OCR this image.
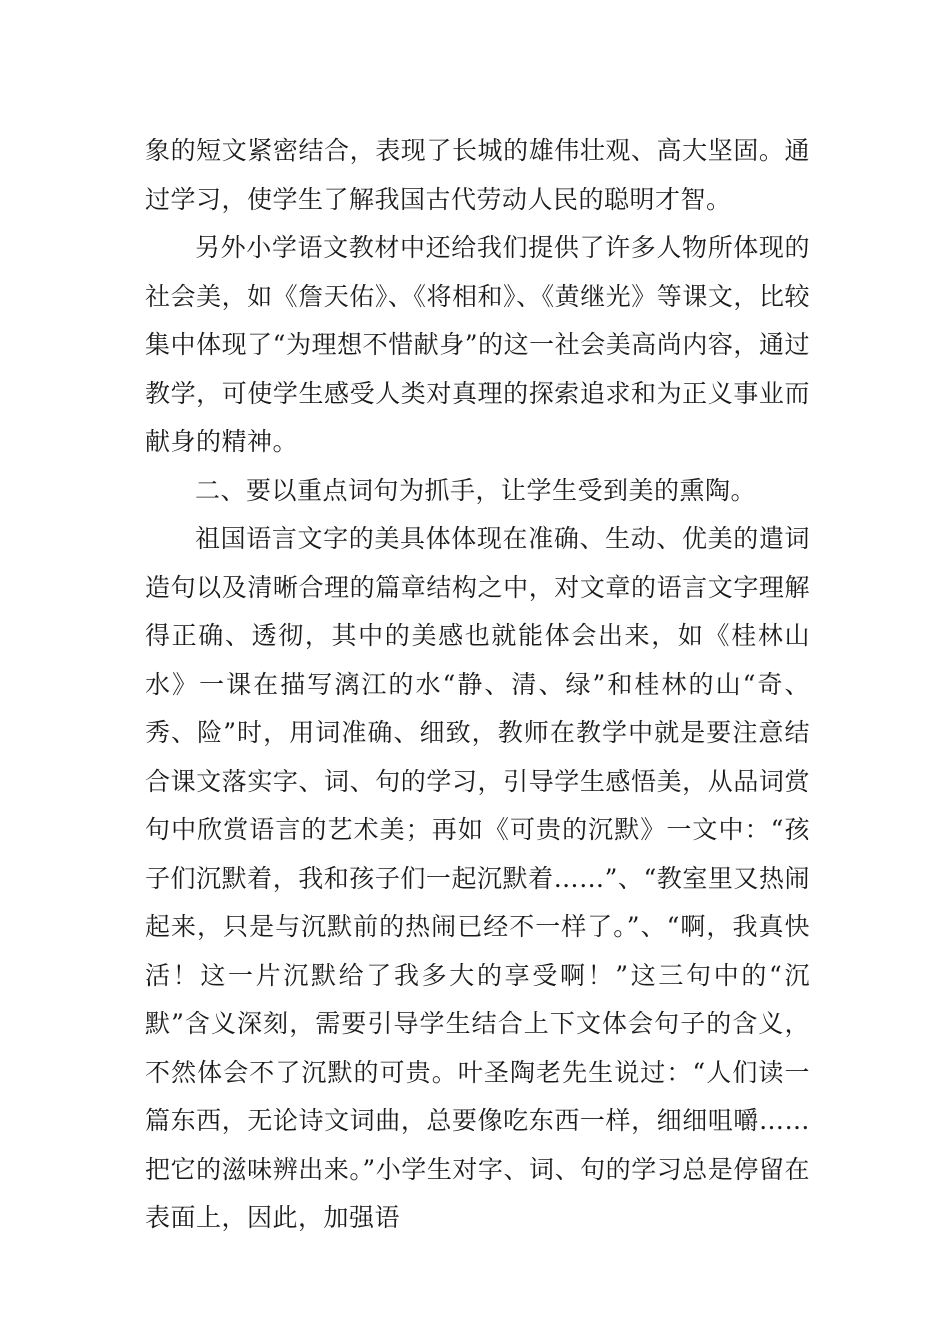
象的短文紧密结合，表现了长城的雄伟壮观、高大坚固。通过学习，使学生了解我国古代劳动人民的聪明才智。

另外小学语文教材中还给我们提供了许多人物所体现的社会美，如《詹天佑》、《将相和》、《黄继光》等课文，比较集中体现了“为理想不惜献身”的这一社会美高尚内容，通过教学，可使学生感受人类对真理的探索追求和为正义事业而献身的精神。

二、要以重点词句为抓手，让学生受到美的熏陶。

祖国语言文字的美具体体现在准确、生动、优美的遣词造句以及清晰合理的篇章结构之中，对文章的语言文字理解得正确、透彻，其中的美感也就能体会出来，如《桂林山水》一课在描写漓江的水“静、清、绿”和桂林的山“奇、秀、险”时，用词准确、细致，教师在教学中就是要注意结合课文落实字、词、句的学习，引导学生感悟美，从品词赏句中欣赏语言的艺术美；再如《可贵的沉默》一文中：“孩子们沉默着，我和孩子们一起沉默着……”、“教室里又热闹起来，只是与沉默前的热闹已经不一样了。”、“啊，我真快活！这一片沉默给了我多大的享受啊！”这三句中的“沉默”含义深刻，需要引导学生结合上下文体会句子的含义，不然体会不了沉默的可贵。叶圣陶老先生说过：“人们读一篇东西，无论诗文词曲，总要像吃东西一样，细细咀嚼……把它的滋味辨出来。”小学生对字、词、句的学习总是停留在表面上，因此，加强语
